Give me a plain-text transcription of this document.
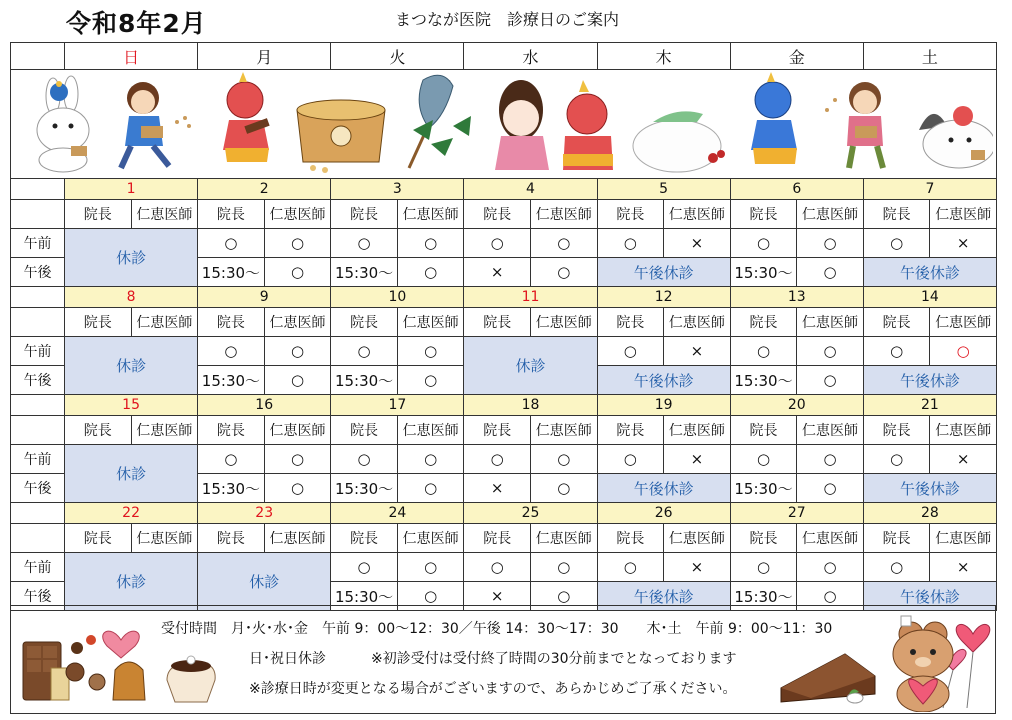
令和8年2月	まつなが医院　診療日のご案内
	日		月		火		水		木		金		土	

	1		2		3		4		5		6		7	
	院長	仁恵医師	院長	仁恵医師	院長	仁恵医師	院長	仁恵医師	院長	仁恵医師	院長	仁恵医師	院長	仁恵医師
午前	休診		○	○	○	○	○	○	○	×	○	○	○	×
午後			15:30〜	○	15:30〜	○	×	○	午後休診		15:30〜	○	午後休診	
	8		9		10		11		12		13		14	
	院長	仁恵医師	院長	仁恵医師	院長	仁恵医師	院長	仁恵医師	院長	仁恵医師	院長	仁恵医師	院長	仁恵医師
午前	休診		○	○	○	○	休診		○	×	○	○	○	○
午後			15:30〜	○	15:30〜	○			午後休診		15:30〜	○	午後休診	
	15		16		17		18		19		20		21	
	院長	仁恵医師	院長	仁恵医師	院長	仁恵医師	院長	仁恵医師	院長	仁恵医師	院長	仁恵医師	院長	仁恵医師
午前	休診		○	○	○	○	○	○	○	×	○	○	○	×
午後			15:30〜	○	15:30〜	○	×	○	午後休診		15:30〜	○	午後休診	
	22		23		24		25		26		27		28	
	院長	仁恵医師	院長	仁恵医師	院長	仁恵医師	院長	仁恵医師	院長	仁恵医師	院長	仁恵医師	院長	仁恵医師
午前	休診		休診		○	○	○	○	○	×	○	○	○	×
午後					15:30〜	○	×	○	午後休診		15:30〜	○	午後休診	
受付時間　月･火･水･金　午前 9：00〜12：30／午後 14：30〜17：30　　木･土　午前 9：00〜11：30
日･祝日休診	※初診受付は受付終了時間の30分前までとなっております
※診療日時が変更となる場合がございますので、あらかじめご了承ください。
